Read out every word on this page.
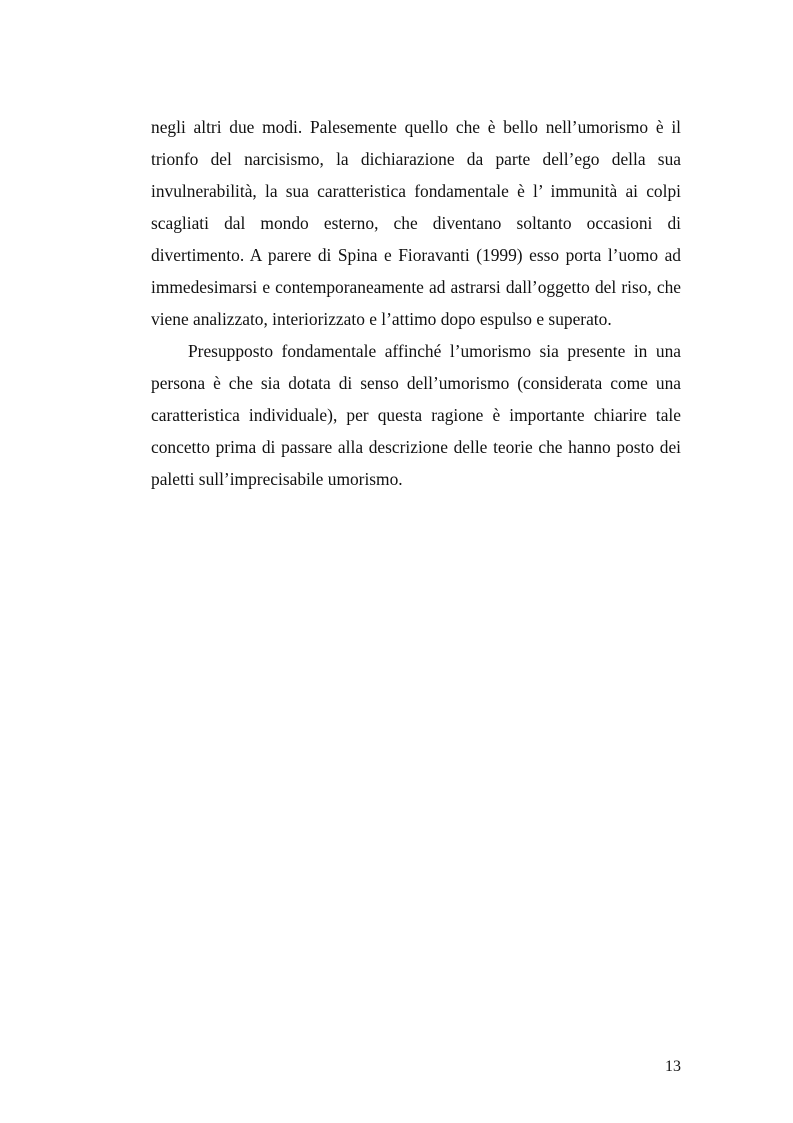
negli altri due modi. Palesemente quello che è bello nell’umorismo è il trionfo del narcisismo, la dichiarazione da parte dell’ego della sua invulnerabilità, la sua caratteristica fondamentale è l’ immunità ai colpi scagliati dal mondo esterno, che diventano soltanto occasioni di divertimento. A parere di Spina e Fioravanti (1999) esso porta l’uomo ad immedesimarsi e contemporaneamente ad astrarsi dall’oggetto del riso, che viene analizzato, interiorizzato e l’attimo dopo espulso e superato.

Presupposto fondamentale affinché l’umorismo sia presente in una persona è che sia dotata di senso dell’umorismo (considerata come una caratteristica individuale), per questa ragione è importante chiarire tale concetto prima di passare alla descrizione delle teorie che hanno posto dei paletti sull’imprecisabile umorismo.

13
